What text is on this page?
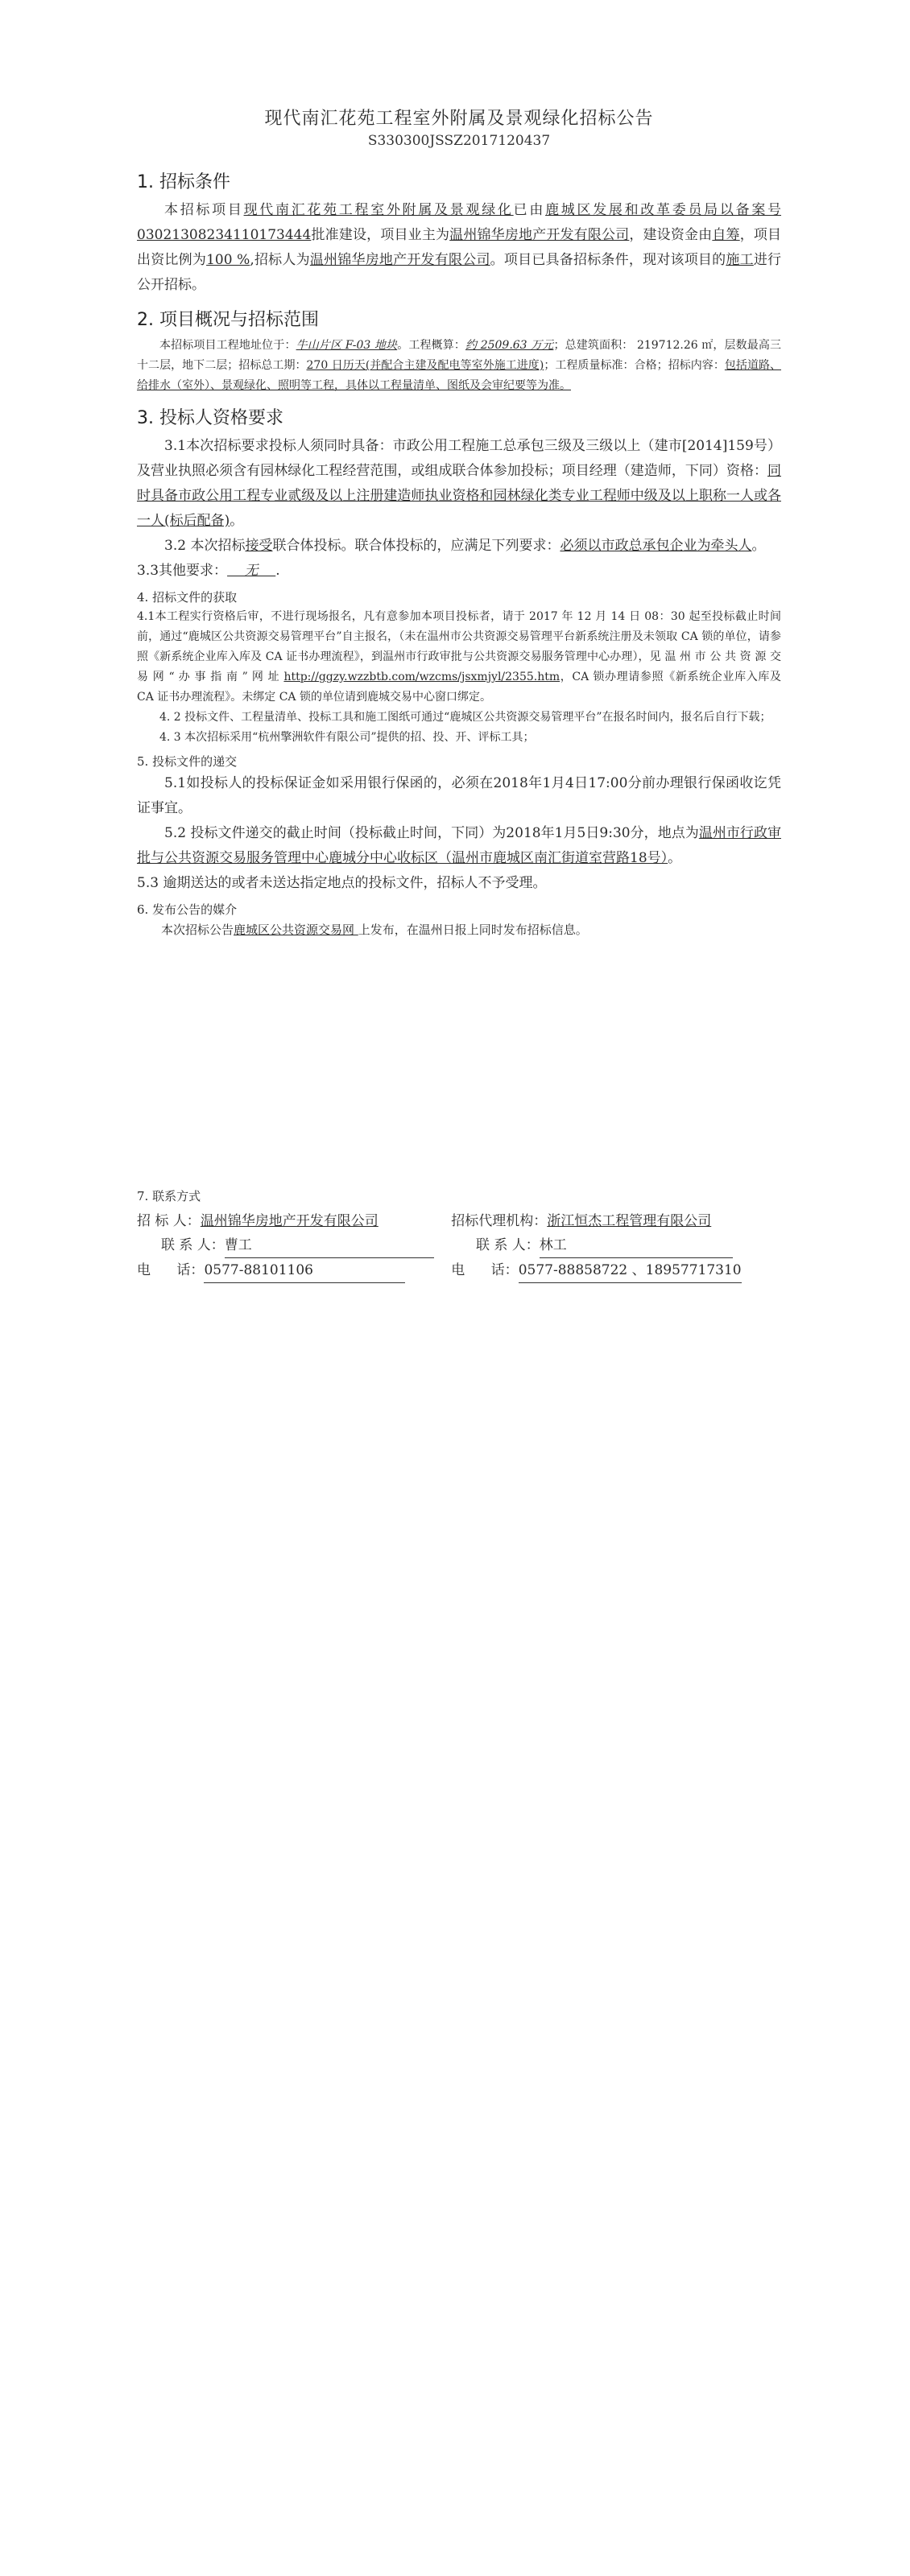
现代南汇花苑工程室外附属及景观绿化招标公告

S330300JSSZ2017120437

1. 招标条件

本招标项目现代南汇花苑工程室外附属及景观绿化已由鹿城区发展和改革委员局以备案号 03021308234110173444批准建设，项目业主为温州锦华房地产开发有限公司，建设资金由自筹，项目出资比例为100 %,招标人为温州锦华房地产开发有限公司。项目已具备招标条件，现对该项目的施工进行公开招标。

2. 项目概况与招标范围

本招标项目工程地址位于：牛山片区 F-03 地块。工程概算：约 2509.63 万元；总建筑面积： 219712.26 ㎡，层数最高三十二层，地下二层；招标总工期：270 日历天(并配合主建及配电等室外施工进度)；工程质量标准：合格；招标内容：包括道路、给排水（室外）、景观绿化、照明等工程，具体以工程量清单、图纸及会审纪要等为准。

3. 投标人资格要求

3.1本次招标要求投标人须同时具备：市政公用工程施工总承包三级及三级以上（建市[2014]159号）及营业执照必须含有园林绿化工程经营范围，或组成联合体参加投标；项目经理（建造师，下同）资格：同时具备市政公用工程专业贰级及以上注册建造师执业资格和园林绿化类专业工程师中级及以上职称一人或各一人(标后配备)。

3.2 本次招标接受联合体投标。联合体投标的，应满足下列要求：必须以市政总承包企业为牵头人。

3.3其他要求：    无    .

4. 招标文件的获取

4.1本工程实行资格后审，不进行现场报名，凡有意参加本项目投标者，请于 2017 年 12 月 14 日 08：30 起至投标截止时间前，通过“鹿城区公共资源交易管理平台”自主报名，（未在温州市公共资源交易管理平台新系统注册及未领取 CA 锁的单位，请参照《新系统企业库入库及 CA 证书办理流程》，到温州市行政审批与公共资源交易服务管理中心办理），见 温 州 市 公 共 资 源 交 易 网 “ 办 事 指 南 ” 网 址 http://ggzy.wzzbtb.com/wzcms/jsxmjyl/2355.htm，CA 锁办理请参照《新系统企业库入库及 CA 证书办理流程》。未绑定 CA 锁的单位请到鹿城交易中心窗口绑定。

4. 2 投标文件、工程量清单、投标工具和施工图纸可通过“鹿城区公共资源交易管理平台”在报名时间内，报名后自行下载；

4. 3 本次招标采用“杭州擎洲软件有限公司”提供的招、投、开、评标工具；

5. 投标文件的递交

5.1如投标人的投标保证金如采用银行保函的，必须在2018年1月4日17:00分前办理银行保函收讫凭证事宜。

5.2 投标文件递交的截止时间（投标截止时间，下同）为2018年1月5日9:30分，地点为温州市行政审批与公共资源交易服务管理中心鹿城分中心收标区（温州市鹿城区南汇街道室营路18号）。

5.3 逾期送达的或者未送达指定地点的投标文件，招标人不予受理。

6. 发布公告的媒介

本次招标公告鹿城区公共资源交易网 上发布，在温州日报上同时发布招标信息。

7. 联系方式
招 标 人： 温州锦华房地产开发有限公司	招标代理机构： 浙江恒杰工程管理有限公司
联 系 人： 曹工	联 系 人： 林工
电      话： 0577-88101106	电      话： 0577-88858722 、18957717310
